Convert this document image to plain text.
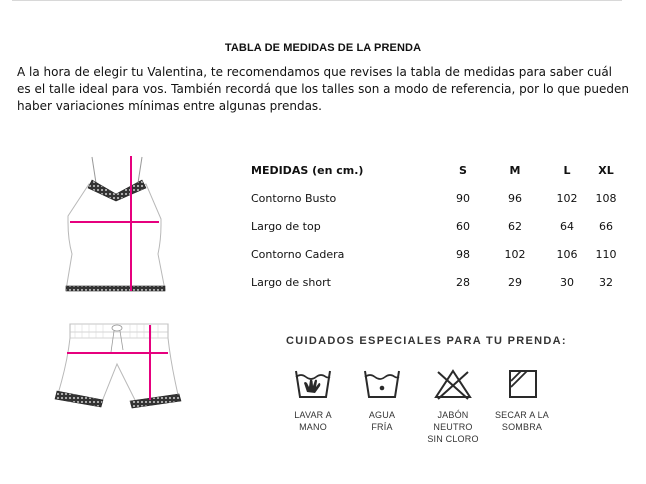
TABLA DE MEDIDAS DE LA PRENDA

A la hora de elegir tu Valentina, te recomendamos que revises la tabla de medidas para saber cuál es el talle ideal para vos. También recordá que los talles son a modo de referencia, por lo que pueden haber variaciones mínimas entre algunas prendas.

MEDIDAS (en cm.)	S	M	L	XL
Contorno Busto	90	96	102	108
Largo de top	60	62	64	66
Contorno Cadera	98	102	106	110
Largo de short	28	29	30	32
CUIDADOS ESPECIALES PARA TU PRENDA:
LAVAR A
MANO
AGUA
FRÍA
JABÓN NEUTRO
SIN CLORO
SECAR A LA
SOMBRA
